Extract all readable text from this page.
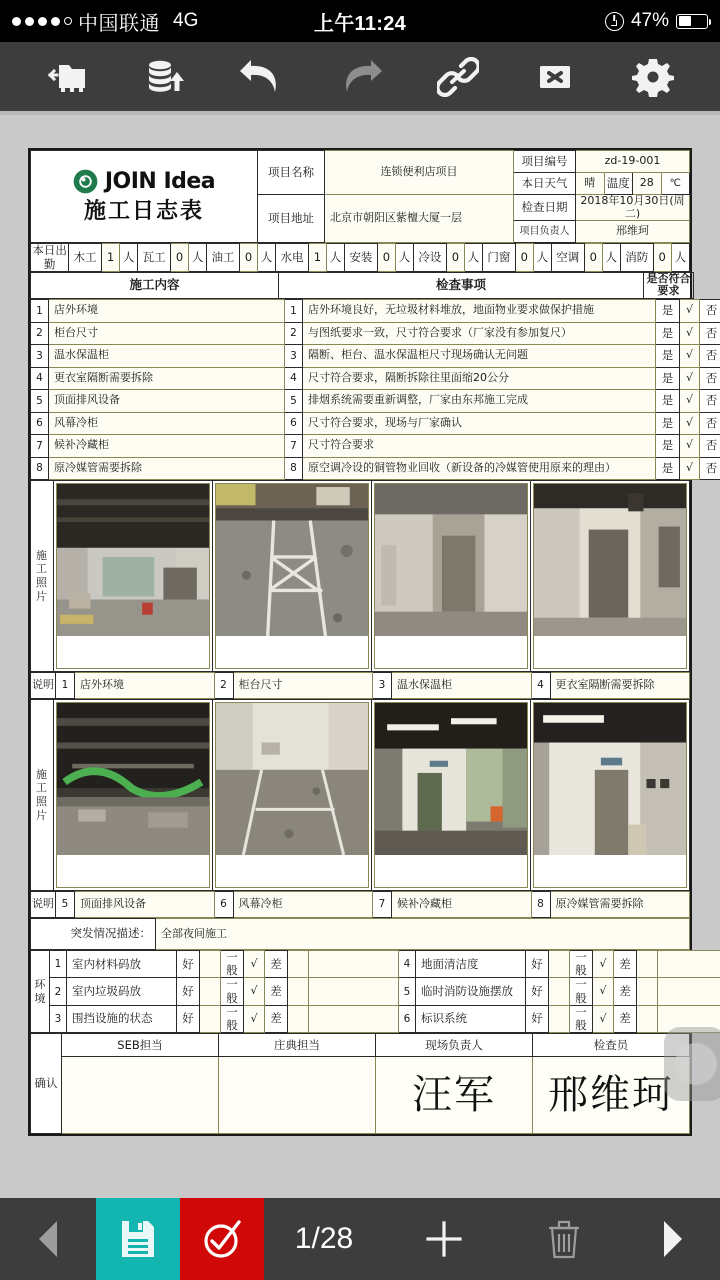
中国联通 4G	上午11:24	47%
JOIN Idea
施工日志表	项目名称	连锁便利店项目	项目编号	zd-19-001			
			本日天气	晴	温度	28	℃
	项目地址	北京市朝阳区紫檀大厦一层	检查日期	2018年10月30日(周二)			
			项目负责人	邢维珂			
本日出勤	木工	1	人	瓦工	0	人	油工	0	人	水电	1	人	安装	0	人	冷设	0	人	门窗	0	人	空调	0	人	消防	0	人
施工内容	检查事项	是否符合要求
1	店外环境	1	店外环境良好，无垃圾材料堆放，地面物业要求做保护措施	是	√	否	
2	柜台尺寸	2	与图纸要求一致，尺寸符合要求（厂家没有参加复尺）	是	√	否	
3	温水保温柜	3	隔断、柜台、温水保温柜尺寸现场确认无问题	是	√	否	
4	更衣室隔断需要拆除	4	尺寸符合要求，隔断拆除往里面缩20公分	是	√	否	
5	顶面排风设备	5	排烟系统需要重新调整，厂家由东邦施工完成	是	√	否	
6	风幕冷柜	6	尺寸符合要求，现场与厂家确认	是	√	否	
7	候补冷藏柜	7	尺寸符合要求	是	√	否	
8	原冷媒管需要拆除	8	原空调冷设的铜管物业回收（新设备的冷媒管使用原来的理由）	是	√	否	
施工照片	

说明	1	店外环境	2	柜台尺寸	3	温水保温柜	4	更衣室隔断需要拆除
施工照片	

说明	5	顶面排风设备	6	风幕冷柜	7	候补冷藏柜	8	原冷媒管需要拆除
突发情况描述：	全部夜间施工
环境	1	室内材料码放	好		一般	√	差			4	地面清洁度	好		一般	√	差		
	2	室内垃圾码放	好		一般	√	差			5	临时消防设施摆放	好		一般	√	差		
	3	围挡设施的状态	好		一般	√	差			6	标识系统	好		一般	√	差		
确认	SEB担当	庄典担当	现场负责人	检查员
			汪军	邢维珂
1/28
